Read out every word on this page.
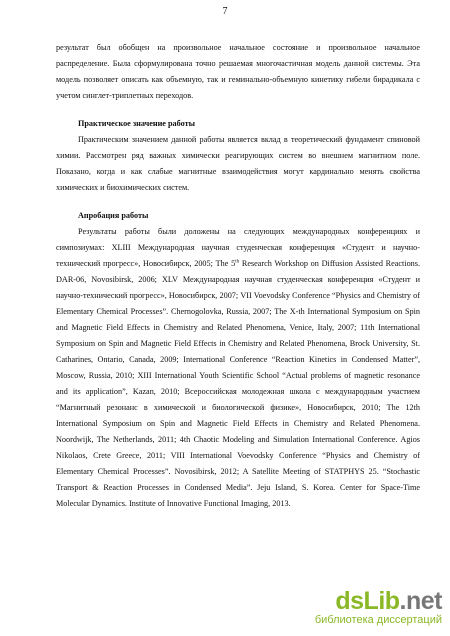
7

результат был обобщен на произвольное начальное состояние и произвольное начальное распределение. Была сформулирована точно решаемая многочастичная модель данной системы. Эта модель позволяет описать как объемную, так и геминально-объемную кинетику гибели бирадикала с учетом синглет-триплетных переходов.

Практическое значение работы

Практическим значением данной работы является вклад в теоретический фундамент спиновой химии. Рассмотрен ряд важных химически реагирующих систем во внешнем магнитном поле. Показано, когда и как слабые магнитные взаимодействия могут кардинально менять свойства химических и биохимических систем.

Апробация работы

Результаты работы были доложены на следующих международных конференциях и симпозиумах: XLIII Международная научная студенческая конференция «Студент и научно-технический прогресс», Новосибирск, 2005; The 5th Research Workshop on Diffusion Assisted Reactions. DAR-06, Novosibirsk, 2006; XLV Международная научная студенческая конференция «Студент и научно-технический прогресс», Новосибирск, 2007; VII Voevodsky Conference “Physics and Chemistry of Elementary Chemical Processes”. Chernogolovka, Russia, 2007; The X-th International Symposium on Spin and Magnetic Field Effects in Chemistry and Related Phenomena, Venice, Italy, 2007; 11th International Symposium on Spin and Magnetic Field Effects in Chemistry and Related Phenomena, Brock University, St. Catharines, Ontario, Canada, 2009; International Conference “Reaction Kinetics in Condensed Matter”, Moscow, Russia, 2010; XIII International Youth Scientific School “Actual problems of magnetic resonance and its application”, Kazan, 2010; Всероссийская молодежная школа с международным участием “Магнитный резонанс в химической и биологической физике», Новосибирск, 2010; The 12th International Symposium on Spin and Magnetic Field Effects in Chemistry and Related Phenomena. Noordwijk, The Netherlands, 2011; 4th Chaotic Modeling and Simulation International Conference. Agios Nikolaos, Crete Greece, 2011; VIII International Voevodsky Conference “Physics and Chemistry of Elementary Chemical Processes”. Novosibirsk, 2012; A Satellite Meeting of STATPHYS 25. “Stochastic Transport & Reaction Processes in Condensed Media”. Jeju Island, S. Korea. Center for Space-Time Molecular Dynamics. Institute of Innovative Functional Imaging, 2013.

dsLib.net
библиотека диссертаций
